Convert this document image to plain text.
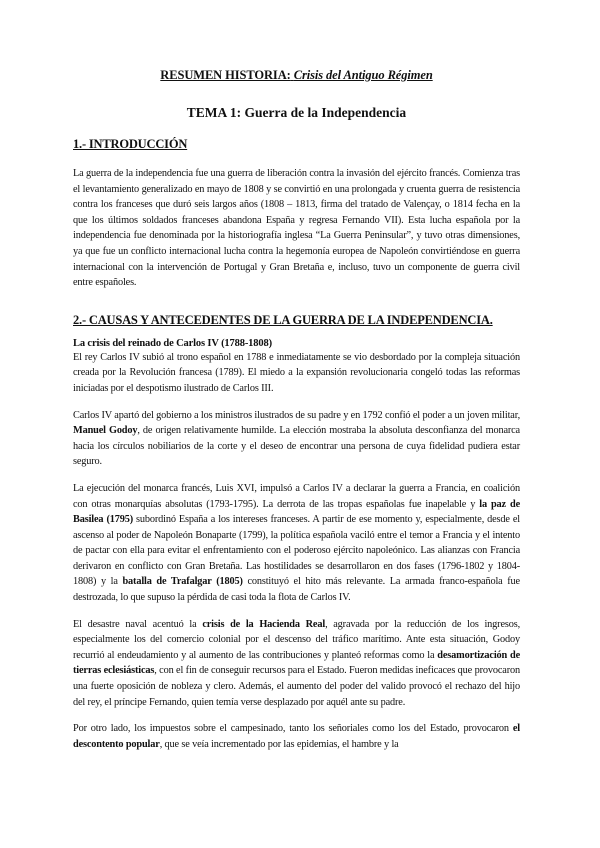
RESUMEN HISTORIA: Crisis del Antiguo Régimen
TEMA 1: Guerra de la Independencia
1.- INTRODUCCIÓN

La guerra de la independencia fue una guerra de liberación contra la invasión del ejército francés. Comienza tras el levantamiento generalizado en mayo de 1808 y se convirtió en una prolongada y cruenta guerra de resistencia contra los franceses que duró seis largos años (1808 – 1813, firma del tratado de Valençay, o 1814 fecha en la que los últimos soldados franceses abandona España y regresa Fernando VII). Esta lucha española por la independencia fue denominada por la historiografía inglesa “La Guerra Peninsular”, y tuvo otras dimensiones, ya que fue un conflicto internacional lucha contra la hegemonía europea de Napoleón convirtiéndose en guerra internacional con la intervención de Portugal y Gran Bretaña e, incluso, tuvo un componente de guerra civil entre españoles.

2.- CAUSAS Y ANTECEDENTES DE LA GUERRA DE LA INDEPENDENCIA.
La crisis del reinado de Carlos IV (1788-1808)

El rey Carlos IV subió al trono español en 1788 e inmediatamente se vio desbordado por la compleja situación creada por la Revolución francesa (1789). El miedo a la expansión revolucionaria congeló todas las reformas iniciadas por el despotismo ilustrado de Carlos III.

Carlos IV apartó del gobierno a los ministros ilustrados de su padre y en 1792 confió el poder a un joven militar, Manuel Godoy, de origen relativamente humilde. La elección mostraba la absoluta desconfianza del monarca hacia los círculos nobiliarios de la corte y el deseo de encontrar una persona de cuya fidelidad pudiera estar seguro.

La ejecución del monarca francés, Luis XVI, impulsó a Carlos IV a declarar la guerra a Francia, en coalición con otras monarquías absolutas (1793-1795). La derrota de las tropas españolas fue inapelable y la paz de Basilea (1795) subordinó España a los intereses franceses. A partir de ese momento y, especialmente, desde el ascenso al poder de Napoleón Bonaparte (1799), la política española vaciló entre el temor a Francia y el intento de pactar con ella para evitar el enfrentamiento con el poderoso ejército napoleónico. Las alianzas con Francia derivaron en conflicto con Gran Bretaña. Las hostilidades se desarrollaron en dos fases (1796-1802 y 1804-1808) y la batalla de Trafalgar (1805) constituyó el hito más relevante. La armada franco-española fue destrozada, lo que supuso la pérdida de casi toda la flota de Carlos IV.

El desastre naval acentuó la crisis de la Hacienda Real, agravada por la reducción de los ingresos, especialmente los del comercio colonial por el descenso del tráfico marítimo. Ante esta situación, Godoy recurrió al endeudamiento y al aumento de las contribuciones y planteó reformas como la desamortización de tierras eclesiásticas, con el fin de conseguir recursos para el Estado. Fueron medidas ineficaces que provocaron una fuerte oposición de nobleza y clero. Además, el aumento del poder del valido provocó el rechazo del hijo del rey, el príncipe Fernando, quien temía verse desplazado por aquél ante su padre.

Por otro lado, los impuestos sobre el campesinado, tanto los señoriales como los del Estado, provocaron el descontento popular, que se veía incrementado por las epidemias, el hambre y la
